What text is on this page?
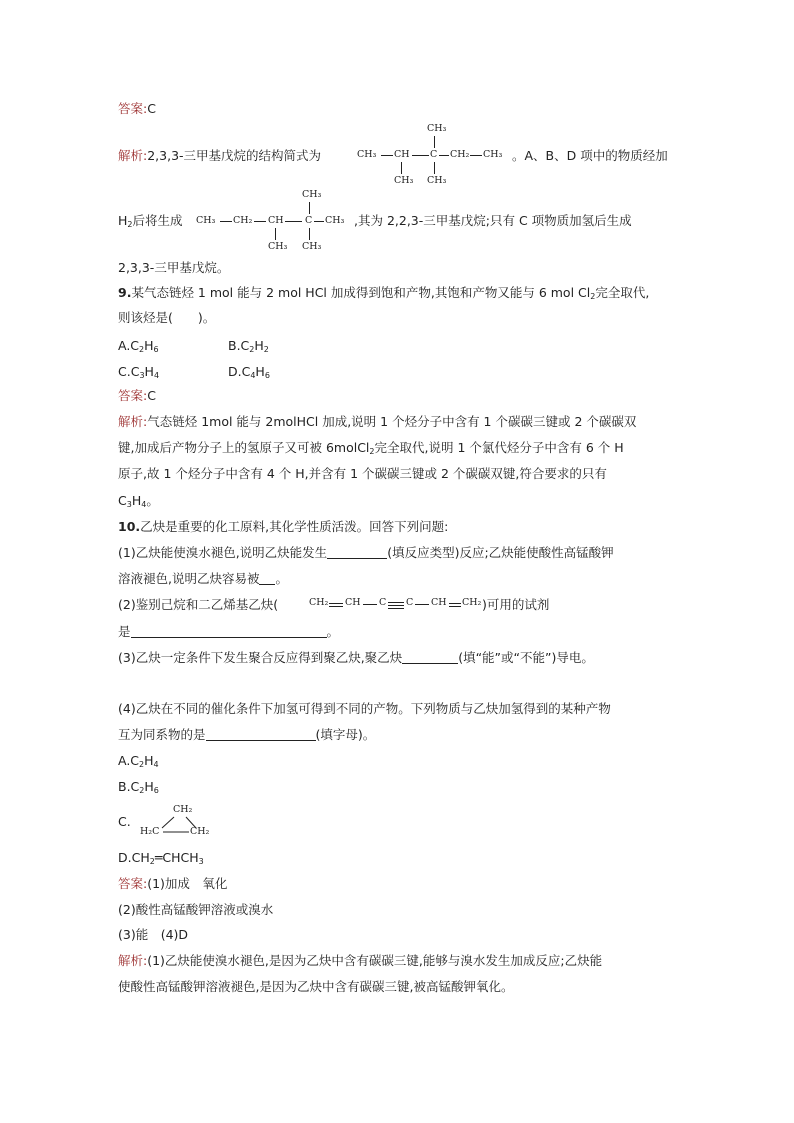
答案:C
解析:2,3,3-三甲基戊烷的结构简式为
CH₃
CH₃ CH C CH₂ CH₃
CH₃ CH₃
。A、B、D 项中的物质经加
$H_2$后将生成
CH₃
CH₃ CH₂ CH C CH₃
CH₃ CH₃
,其为 2,2,3-三甲基戊烷;只有 C 项物质加氢后生成
2,3,3-三甲基戊烷。
9.某气态链烃 1 mol 能与 2 mol HCl 加成得到饱和产物,其饱和产物又能与 6 mol $Cl_2$完全取代,
则该烃是(　　)。
$A.C_2H_6$	$B.C_2H_2$
$C.C_3H_4$	$D.C_4H_6$
答案:C
解析:气态链烃 1mol 能与 2molHCl 加成,说明 1 个烃分子中含有 1 个碳碳三键或 2 个碳碳双
键,加成后产物分子上的氢原子又可被 6molCl$_2$完全取代,说明 1 个氯代烃分子中含有 6 个 H
原子,故 1 个烃分子中含有 4 个 H,并含有 1 个碳碳三键或 2 个碳碳双键,符合要求的只有
$C_3H_4$。
10.乙炔是重要的化工原料,其化学性质活泼。回答下列问题:
(1)乙炔能使溴水褪色,说明乙炔能发生	(填反应类型)反应;乙炔能使酸性高锰酸钾
溶液褪色,说明乙炔容易被 。
(2)鉴别己烷和二乙烯基乙炔(	CH₂ CH C C CH CH₂ )可用的试剂
是	。
(3)乙炔一定条件下发生聚合反应得到聚乙炔,聚乙炔	(填“能”或“不能”)导电。
(4)乙炔在不同的催化条件下加氢可得到不同的产物。下列物质与乙炔加氢得到的某种产物
互为同系物的是	(填字母)。
$A.C_2H_4$
$B.C_2H_6$
C.
CH₂
H₂C	CH₂
$D.CH_2═CHCH_3$
答案:(1)加成　氧化
(2)酸性高锰酸钾溶液或溴水
(3)能　(4)D
解析:(1)乙炔能使溴水褪色,是因为乙炔中含有碳碳三键,能够与溴水发生加成反应;乙炔能
使酸性高锰酸钾溶液褪色,是因为乙炔中含有碳碳三键,被高锰酸钾氧化。
